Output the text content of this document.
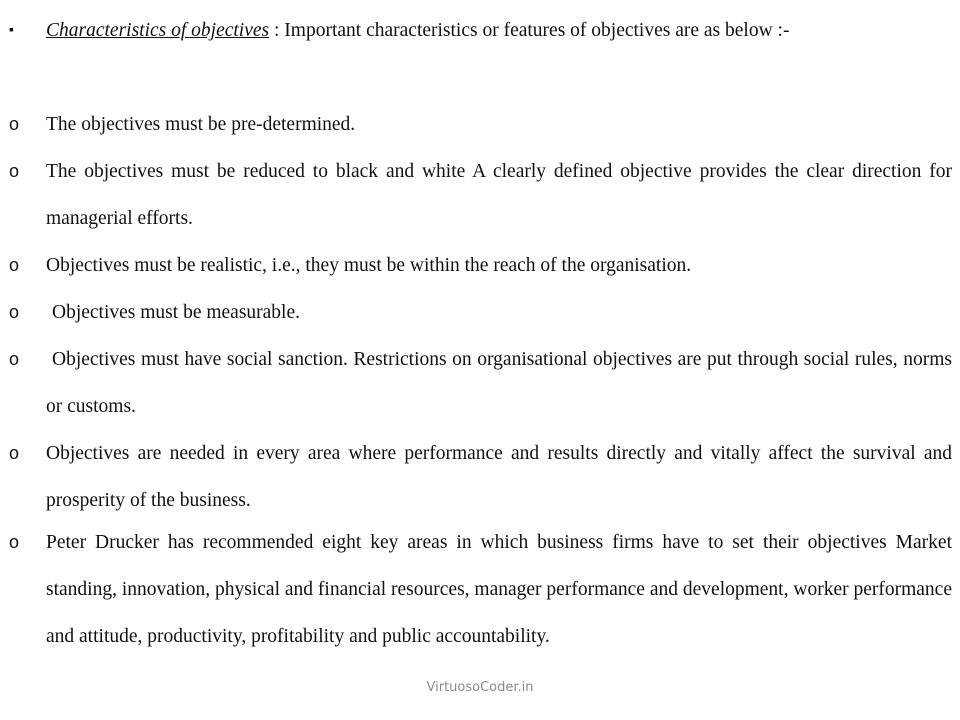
▪	Characteristics of objectives : Important characteristics or features of objectives are as below :-
o	The objectives must be pre-determined.
o	The objectives must be reduced to black and white A clearly defined objective provides the clear direction for managerial efforts.
o	Objectives must be realistic, i.e., they must be within the reach of the organisation.
o	Objectives must be measurable.
o	Objectives must have social sanction. Restrictions on organisational objectives are put through social rules, norms or customs.
o	Objectives are needed in every area where performance and results directly and vitally affect the survival and prosperity of the business.
o	Peter Drucker has recommended eight key areas in which business firms have to set their objectives Market standing, innovation, physical and financial resources, manager performance and development, worker performance and attitude, productivity, profitability and public accountability.
VirtuosoCoder.in
